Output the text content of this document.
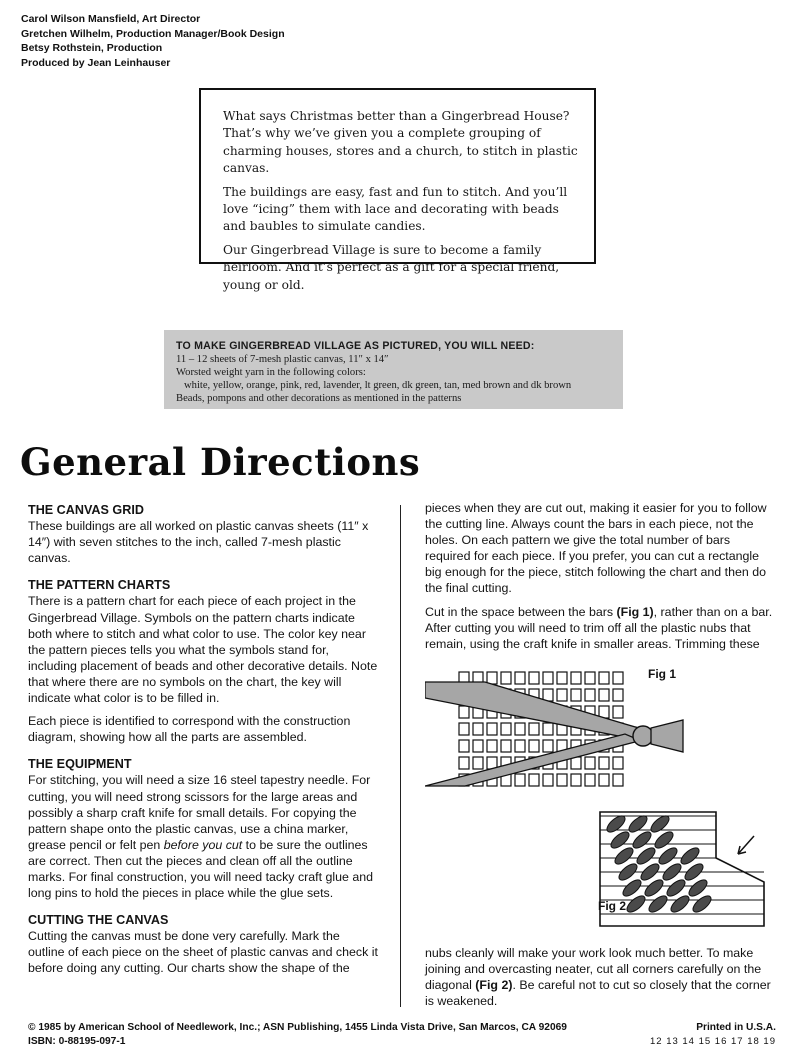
Carol Wilson Mansfield, Art Director
Gretchen Wilhelm, Production Manager/Book Design
Betsy Rothstein, Production
Produced by Jean Leinhauser

What says Christmas better than a Gingerbread House? That’s why we’ve given you a complete grouping of charming houses, stores and a church, to stitch in plastic canvas.

The buildings are easy, fast and fun to stitch. And you’ll love “icing” them with lace and decorating with beads and baubles to simulate candies.

Our Gingerbread Village is sure to become a family heirloom. And it’s perfect as a gift for a special friend, young or old.

TO MAKE GINGERBREAD VILLAGE AS PICTURED, YOU WILL NEED:
11 – 12 sheets of 7-mesh plastic canvas, 11″ x 14″
Worsted weight yarn in the following colors:
white, yellow, orange, pink, red, lavender, lt green, dk green, tan, med brown and dk brown
Beads, pompons and other decorations as mentioned in the patterns
General Directions
THE CANVAS GRID

These buildings are all worked on plastic canvas sheets (11″ x 14″) with seven stitches to the inch, called 7-mesh plastic canvas.

THE PATTERN CHARTS

There is a pattern chart for each piece of each project in the Gingerbread Village. Symbols on the pattern charts indicate both where to stitch and what color to use. The color key near the pattern pieces tells you what the symbols stand for, including placement of beads and other decorative details. Note that where there are no symbols on the chart, the key will indicate what color is to be filled in.

Each piece is identified to correspond with the construction diagram, showing how all the parts are assembled.

THE EQUIPMENT

For stitching, you will need a size 16 steel tapestry needle. For cutting, you will need strong scissors for the large areas and possibly a sharp craft knife for small details. For copying the pattern shape onto the plastic canvas, use a china marker, grease pencil or felt pen before you cut to be sure the outlines are correct. Then cut the pieces and clean off all the outline marks. For final construction, you will need tacky craft glue and long pins to hold the pieces in place while the glue sets.

CUTTING THE CANVAS

Cutting the canvas must be done very carefully. Mark the outline of each piece on the sheet of plastic canvas and check it before doing any cutting. Our charts show the shape of the

pieces when they are cut out, making it easier for you to follow the cutting line. Always count the bars in each piece, not the holes. On each pattern we give the total number of bars required for each piece. If you prefer, you can cut a rectangle big enough for the piece, stitch following the chart and then do the final cutting.

Cut in the space between the bars (Fig 1), rather than on a bar. After cutting you will need to trim off all the plastic nubs that remain, using the craft knife in smaller areas. Trimming these

Fig 1
Fig 2

nubs cleanly will make your work look much better. To make joining and overcasting neater, cut all corners carefully on the diagonal (Fig 2). Be careful not to cut so closely that the corner is weakened.

© 1985 by American School of Needlework, Inc.; ASN Publishing, 1455 Linda Vista Drive, San Marcos, CA 92069
ISBN: 0-88195-097-1
Printed in U.S.A.
12 13 14 15 16 17 18 19
